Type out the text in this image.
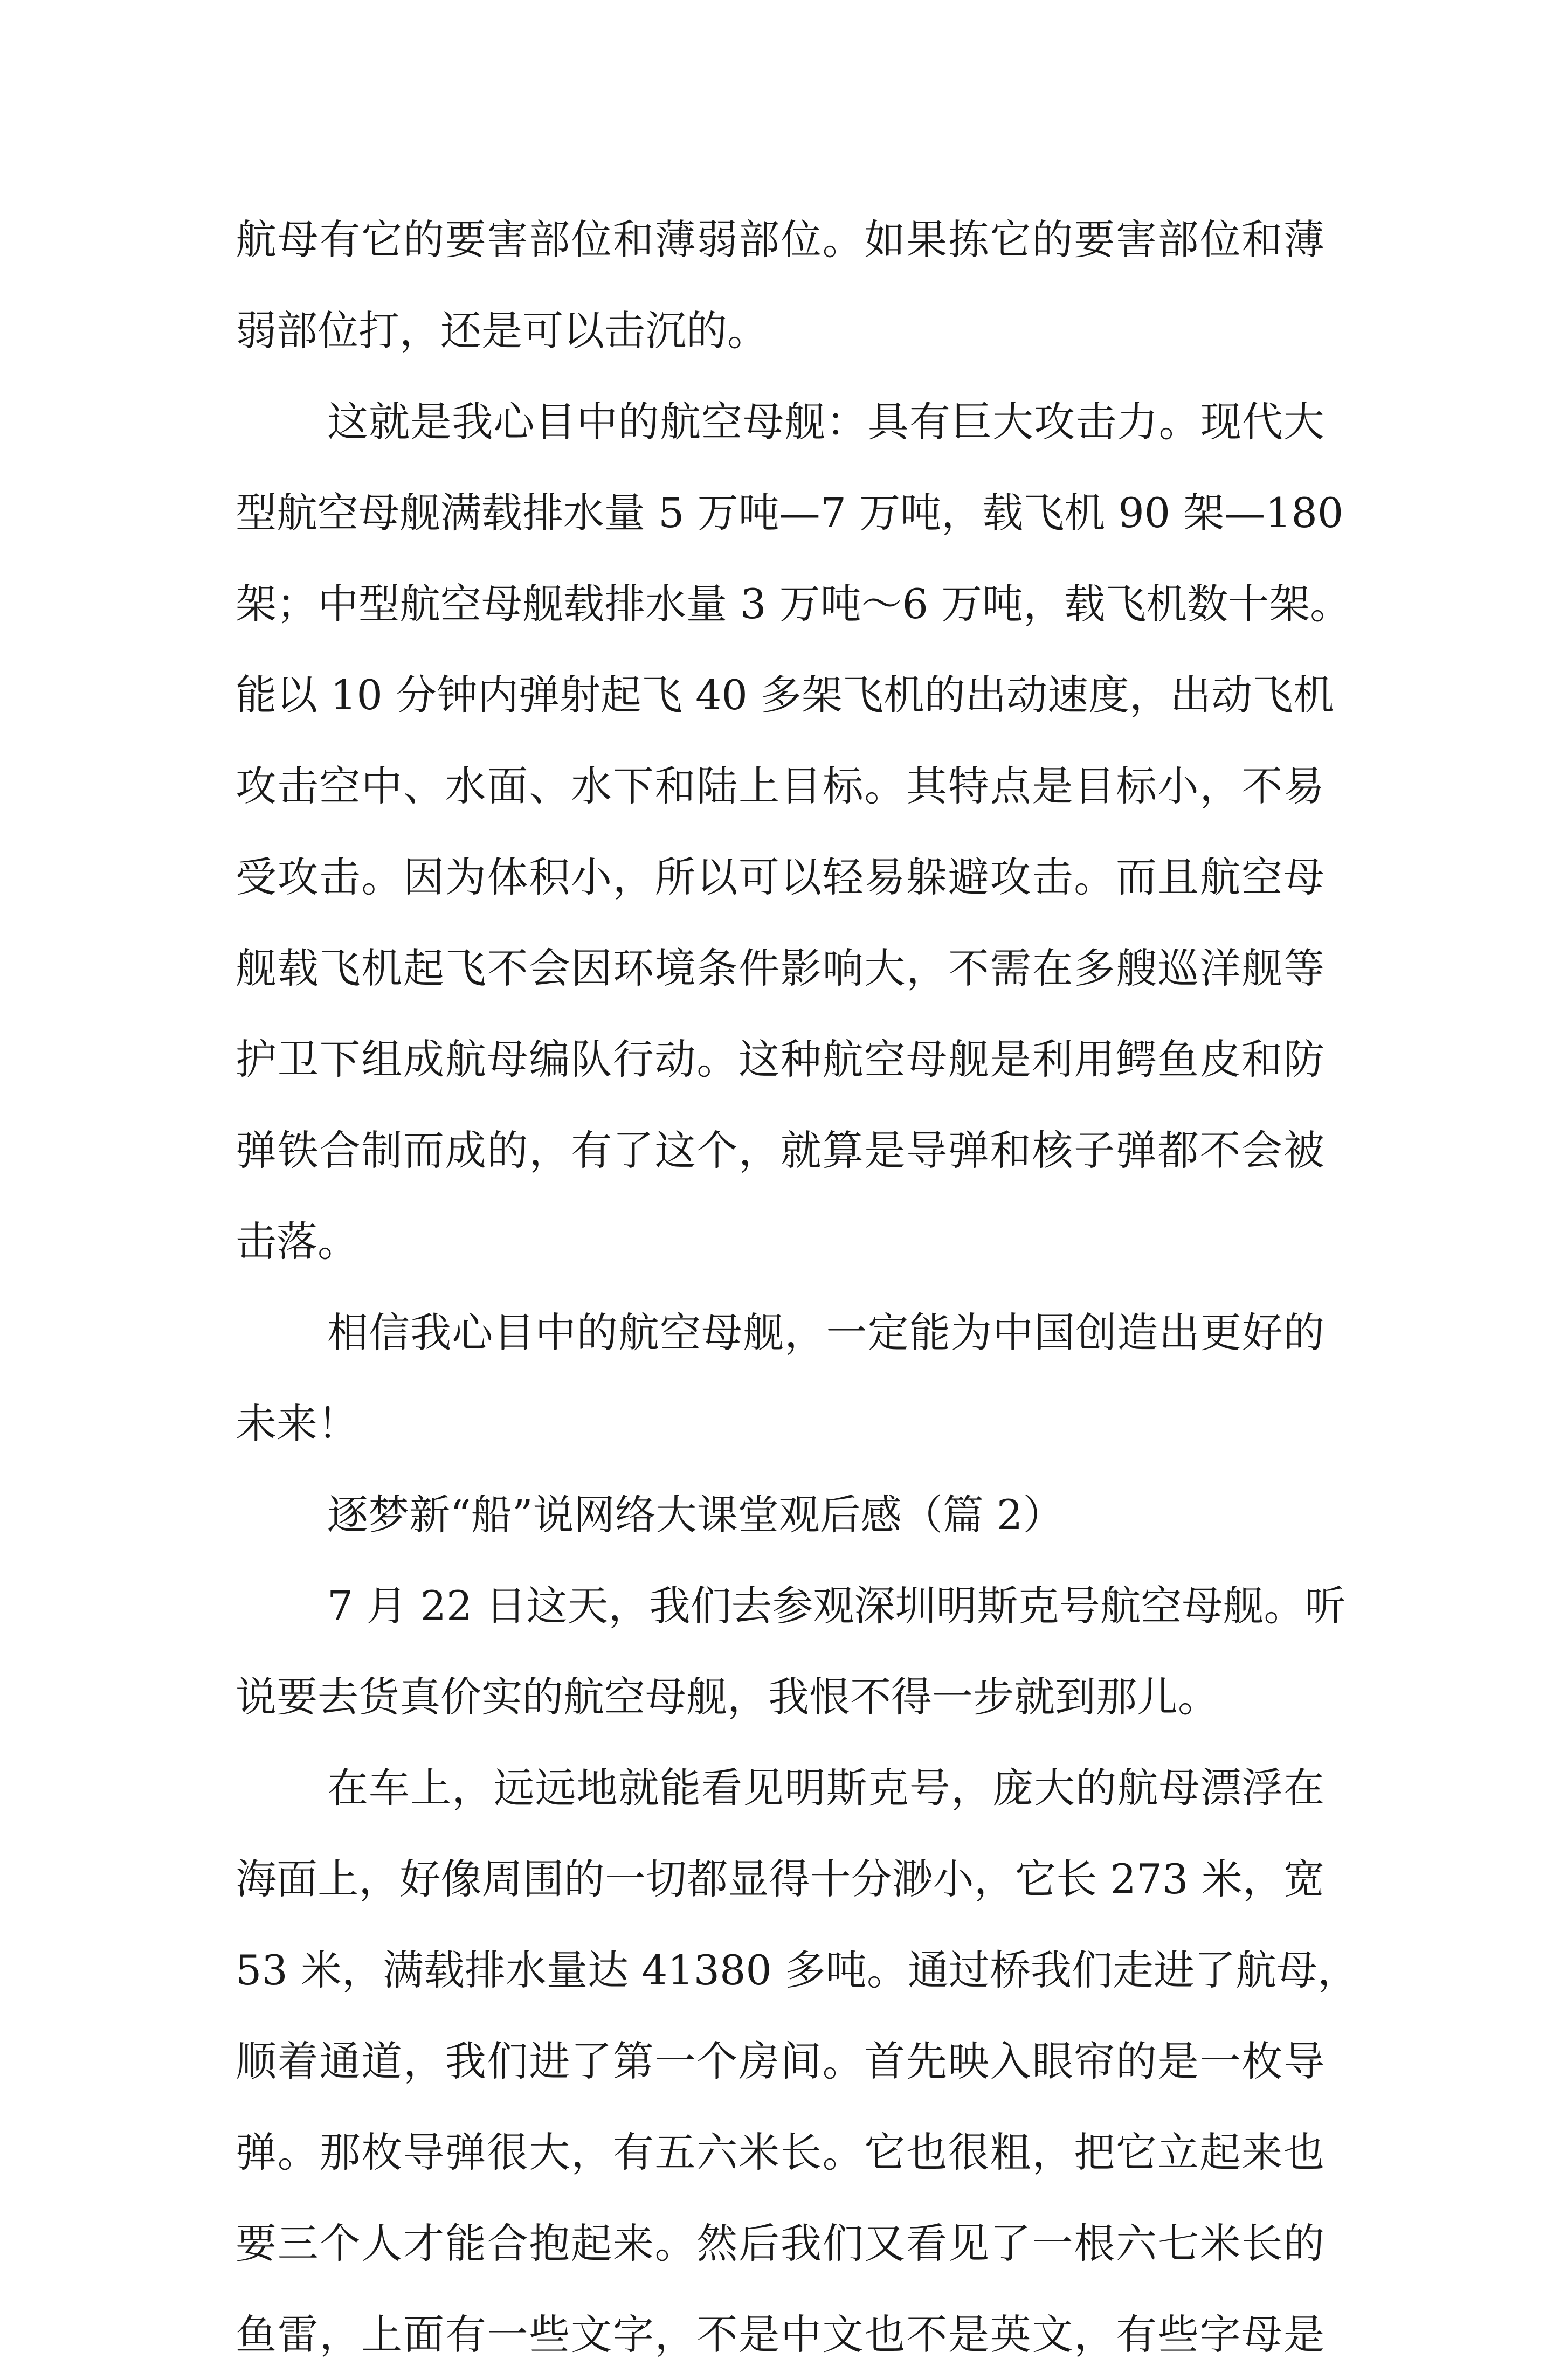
航母有它的要害部位和薄弱部位。如果拣它的要害部位和薄
弱部位打，还是可以击沉的。
这就是我心目中的航空母舰：具有巨大攻击力。现代大
型航空母舰满载排水量 5 万吨—7 万吨，载飞机 90 架—180
架；中型航空母舰载排水量 3 万吨～6 万吨，载飞机数十架。
能以 10 分钟内弹射起飞 40 多架飞机的出动速度，出动飞机
攻击空中、水面、水下和陆上目标。其特点是目标小，不易
受攻击。因为体积小，所以可以轻易躲避攻击。而且航空母
舰载飞机起飞不会因环境条件影响大，不需在多艘巡洋舰等
护卫下组成航母编队行动。这种航空母舰是利用鳄鱼皮和防
弹铁合制而成的，有了这个，就算是导弹和核子弹都不会被
击落。
相信我心目中的航空母舰，一定能为中国创造出更好的
未来！
逐梦新“船”说网络大课堂观后感（篇 2）
7 月 22 日这天，我们去参观深圳明斯克号航空母舰。听
说要去货真价实的航空母舰，我恨不得一步就到那儿。
在车上，远远地就能看见明斯克号，庞大的航母漂浮在
海面上，好像周围的一切都显得十分渺小，它长 273 米，宽
53 米，满载排水量达 41380 多吨。通过桥我们走进了航母，
顺着通道，我们进了第一个房间。首先映入眼帘的是一枚导
弹。那枚导弹很大，有五六米长。它也很粗，把它立起来也
要三个人才能合抱起来。然后我们又看见了一根六七米长的
鱼雷，上面有一些文字，不是中文也不是英文，有些字母是
